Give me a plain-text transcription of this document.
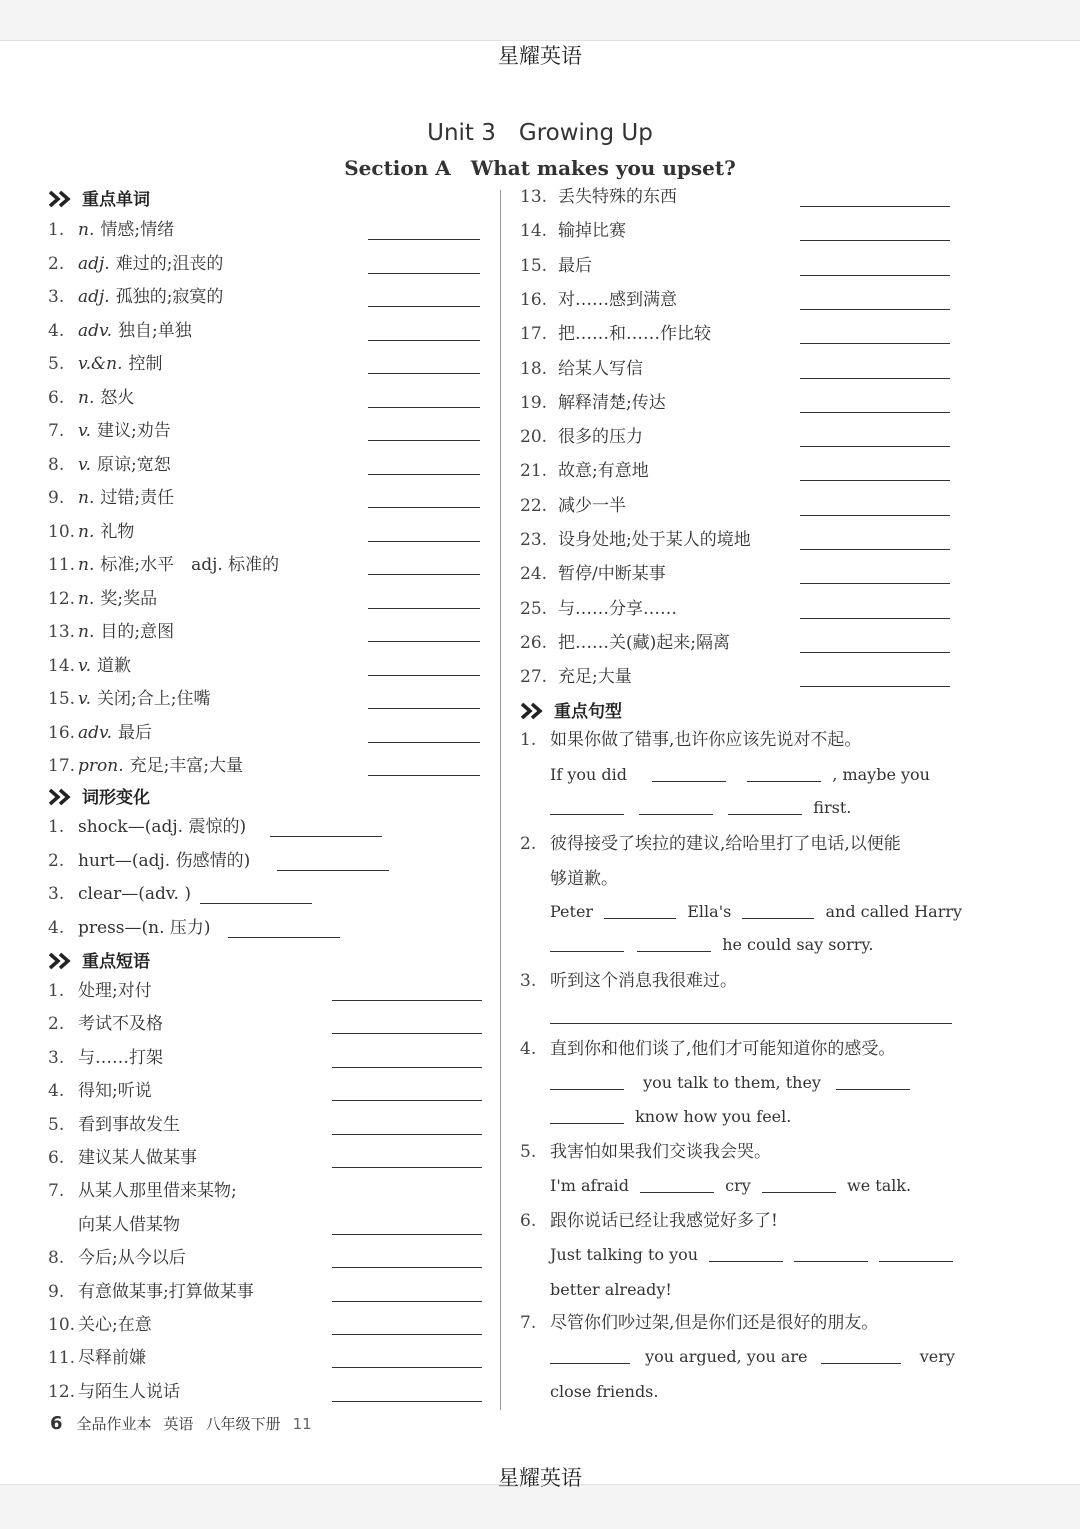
星耀英语
Unit 3　Growing Up
Section A　What makes you upset?
重点单词
词形变化
重点短语
1. n. 情感;情绪
2. adj. 难过的;沮丧的
3. adj. 孤独的;寂寞的
4. adv. 独自;单独
5. v.&n. 控制
6. n. 怒火
7. v. 建议;劝告
8. v. 原谅;宽恕
9. n. 过错;责任
10. n. 礼物
11. n. 标准;水平　adj. 标准的
12. n. 奖;奖品
13. n. 目的;意图
14. v. 道歉
15. v. 关闭;合上;住嘴
16. adv. 最后
17. pron. 充足;丰富;大量
1. shock—(adj. 震惊的)
2. hurt—(adj. 伤感情的)
3. clear—(adv. )
4. press—(n. 压力)
1. 处理;对付
2. 考试不及格
3. 与……打架
4. 得知;听说
5. 看到事故发生
6. 建议某人做某事
7. 从某人那里借来某物;
向某人借某物
8. 今后;从今以后
9. 有意做某事;打算做某事
10. 关心;在意
11. 尽释前嫌
12. 与陌生人说话
13. 丢失特殊的东西
14. 输掉比赛
15. 最后
16. 对……感到满意
17. 把……和……作比较
18. 给某人写信
19. 解释清楚;传达
20. 很多的压力
21. 故意;有意地
22. 减少一半
23. 设身处地;处于某人的境地
24. 暂停/中断某事
25. 与……分享……
26. 把……关(藏)起来;隔离
27. 充足;大量
重点句型
1. 如果你做了错事,也许你应该先说对不起。
If you did	, maybe you
first.
2. 彼得接受了埃拉的建议,给哈里打了电话,以便能
够道歉。
Peter	Ella's	and called Harry
he could say sorry.
3. 听到这个消息我很难过。
4. 直到你和他们谈了,他们才可能知道你的感受。
you talk to them, they
know how you feel.
5. 我害怕如果我们交谈我会哭。
I'm afraid	cry	we talk.
6. 跟你说话已经让我感觉好多了!
Just talking to you
better already!
7. 尽管你们吵过架,但是你们还是很好的朋友。
you argued, you are	very
close friends.
6 全品作业本 英语 八年级下册 11
星耀英语
